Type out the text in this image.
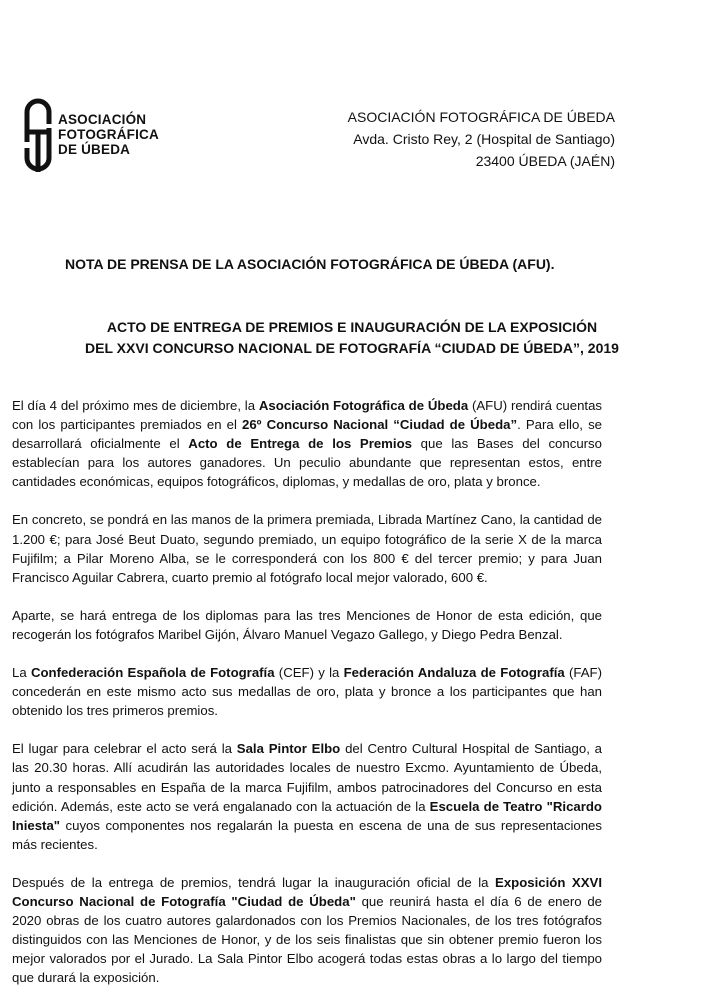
ASOCIACIÓN
FOTOGRÁFICA
DE ÚBEDA
ASOCIACIÓN FOTOGRÁFICA DE ÚBEDA
Avda. Cristo Rey, 2 (Hospital de Santiago)
23400 ÚBEDA (JAÉN)
NOTA DE PRENSA DE LA ASOCIACIÓN FOTOGRÁFICA DE ÚBEDA (AFU).
ACTO DE ENTREGA DE PREMIOS E INAUGURACIÓN DE LA EXPOSICIÓN
DEL XXVI CONCURSO NACIONAL DE FOTOGRAFÍA “CIUDAD DE ÚBEDA”, 2019

El día 4 del próximo mes de diciembre, la Asociación Fotográfica de Úbeda (AFU) rendirá cuentas con los participantes premiados en el 26º Concurso Nacional “Ciudad de Úbeda”. Para ello, se desarrollará oficialmente el Acto de Entrega de los Premios que las Bases del concurso establecían para los autores ganadores. Un peculio abundante que representan estos, entre cantidades económicas, equipos fotográficos, diplomas, y medallas de oro, plata y bronce.

En concreto, se pondrá en las manos de la primera premiada, Librada Martínez Cano, la cantidad de 1.200 €; para José Beut Duato, segundo premiado, un equipo fotográfico de la serie X de la marca Fujifilm; a Pilar Moreno Alba, se le corresponderá con los 800 € del tercer premio; y para Juan Francisco Aguilar Cabrera, cuarto premio al fotógrafo local mejor valorado, 600 €.

Aparte, se hará entrega de los diplomas para las tres Menciones de Honor de esta edición, que recogerán los fotógrafos Maribel Gijón, Álvaro Manuel Vegazo Gallego, y Diego Pedra Benzal.

La Confederación Española de Fotografía (CEF) y la Federación Andaluza de Fotografía (FAF) concederán en este mismo acto sus medallas de oro, plata y bronce a los participantes que han obtenido los tres primeros premios.

El lugar para celebrar el acto será la Sala Pintor Elbo del Centro Cultural Hospital de Santiago, a las 20.30 horas. Allí acudirán las autoridades locales de nuestro Excmo. Ayuntamiento de Úbeda, junto a responsables en España de la marca Fujifilm, ambos patrocinadores del Concurso en esta edición. Además, este acto se verá engalanado con la actuación de la Escuela de Teatro "Ricardo Iniesta" cuyos componentes nos regalarán la puesta en escena de una de sus representaciones más recientes.

Después de la entrega de premios, tendrá lugar la inauguración oficial de la Exposición XXVI Concurso Nacional de Fotografía "Ciudad de Úbeda" que reunirá hasta el día 6 de enero de 2020 obras de los cuatro autores galardonados con los Premios Nacionales, de los tres fotógrafos distinguidos con las Menciones de Honor, y de los seis finalistas que sin obtener premio fueron los mejor valorados por el Jurado. La Sala Pintor Elbo acogerá todas estas obras a lo largo del tiempo que durará la exposición.
